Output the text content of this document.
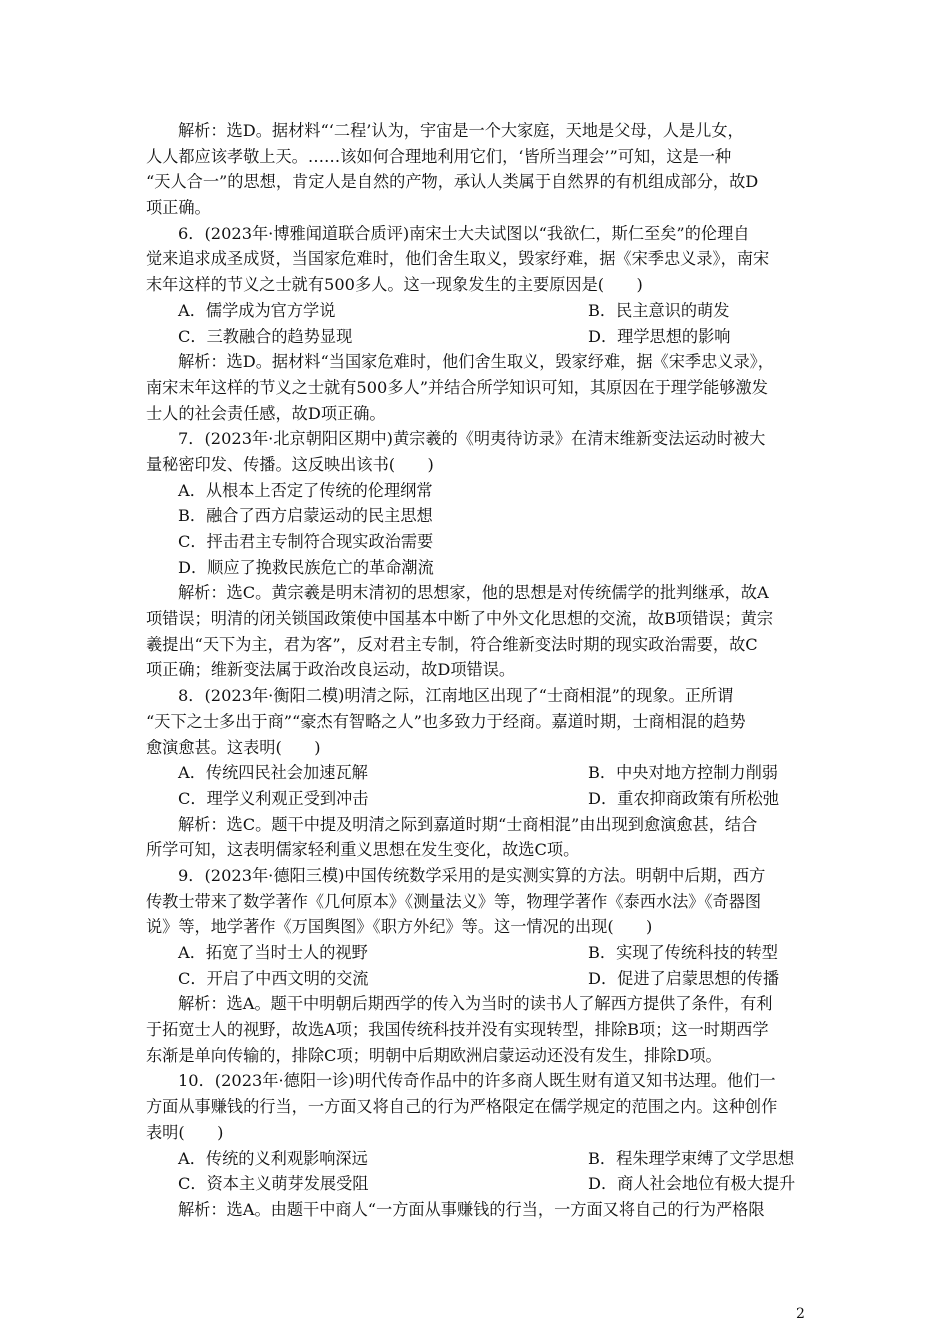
解析：选D。据材料“‘二程’认为，宇宙是一个大家庭，天地是父母，人是儿女，
人人都应该孝敬上天。……该如何合理地利用它们，‘皆所当理会’”可知，这是一种
“天人合一”的思想，肯定人是自然的产物，承认人类属于自然界的有机组成部分，故D
项正确。
6．(2023年·博雅闻道联合质评)南宋士大夫试图以“我欲仁，斯仁至矣”的伦理自
觉来追求成圣成贤，当国家危难时，他们舍生取义，毁家纾难，据《宋季忠义录》，南宋
末年这样的节义之士就有500多人。这一现象发生的主要原因是(　　)
A．儒学成为官方学说	B．民主意识的萌发
C．三教融合的趋势显现	D．理学思想的影响
解析：选D。据材料“当国家危难时，他们舍生取义，毁家纾难，据《宋季忠义录》，
南宋末年这样的节义之士就有500多人”并结合所学知识可知，其原因在于理学能够激发
士人的社会责任感，故D项正确。
7．(2023年·北京朝阳区期中)黄宗羲的《明夷待访录》在清末维新变法运动时被大
量秘密印发、传播。这反映出该书(　　)
A．从根本上否定了传统的伦理纲常
B．融合了西方启蒙运动的民主思想
C．抨击君主专制符合现实政治需要
D．顺应了挽救民族危亡的革命潮流
解析：选C。黄宗羲是明末清初的思想家，他的思想是对传统儒学的批判继承，故A
项错误；明清的闭关锁国政策使中国基本中断了中外文化思想的交流，故B项错误；黄宗
羲提出“天下为主，君为客”，反对君主专制，符合维新变法时期的现实政治需要，故C
项正确；维新变法属于政治改良运动，故D项错误。
8．(2023年·衡阳二模)明清之际，江南地区出现了“士商相混”的现象。正所谓
“天下之士多出于商”“豪杰有智略之人”也多致力于经商。嘉道时期，士商相混的趋势
愈演愈甚。这表明(　　)
A．传统四民社会加速瓦解	B．中央对地方控制力削弱
C．理学义利观正受到冲击	D．重农抑商政策有所松弛
解析：选C。题干中提及明清之际到嘉道时期“士商相混”由出现到愈演愈甚，结合
所学可知，这表明儒家轻利重义思想在发生变化，故选C项。
9．(2023年·德阳三模)中国传统数学采用的是实测实算的方法。明朝中后期，西方
传教士带来了数学著作《几何原本》《测量法义》等，物理学著作《泰西水法》《奇器图
说》等，地学著作《万国舆图》《职方外纪》等。这一情况的出现(　　)
A．拓宽了当时士人的视野	B．实现了传统科技的转型
C．开启了中西文明的交流	D．促进了启蒙思想的传播
解析：选A。题干中明朝后期西学的传入为当时的读书人了解西方提供了条件，有利
于拓宽士人的视野，故选A项；我国传统科技并没有实现转型，排除B项；这一时期西学
东渐是单向传输的，排除C项；明朝中后期欧洲启蒙运动还没有发生，排除D项。
10．(2023年·德阳一诊)明代传奇作品中的许多商人既生财有道又知书达理。他们一
方面从事赚钱的行当，一方面又将自己的行为严格限定在儒学规定的范围之内。这种创作
表明(　　)
A．传统的义利观影响深远	B．程朱理学束缚了文学思想
C．资本主义萌芽发展受阻	D．商人社会地位有极大提升
解析：选A。由题干中商人“一方面从事赚钱的行当，一方面又将自己的行为严格限
2
